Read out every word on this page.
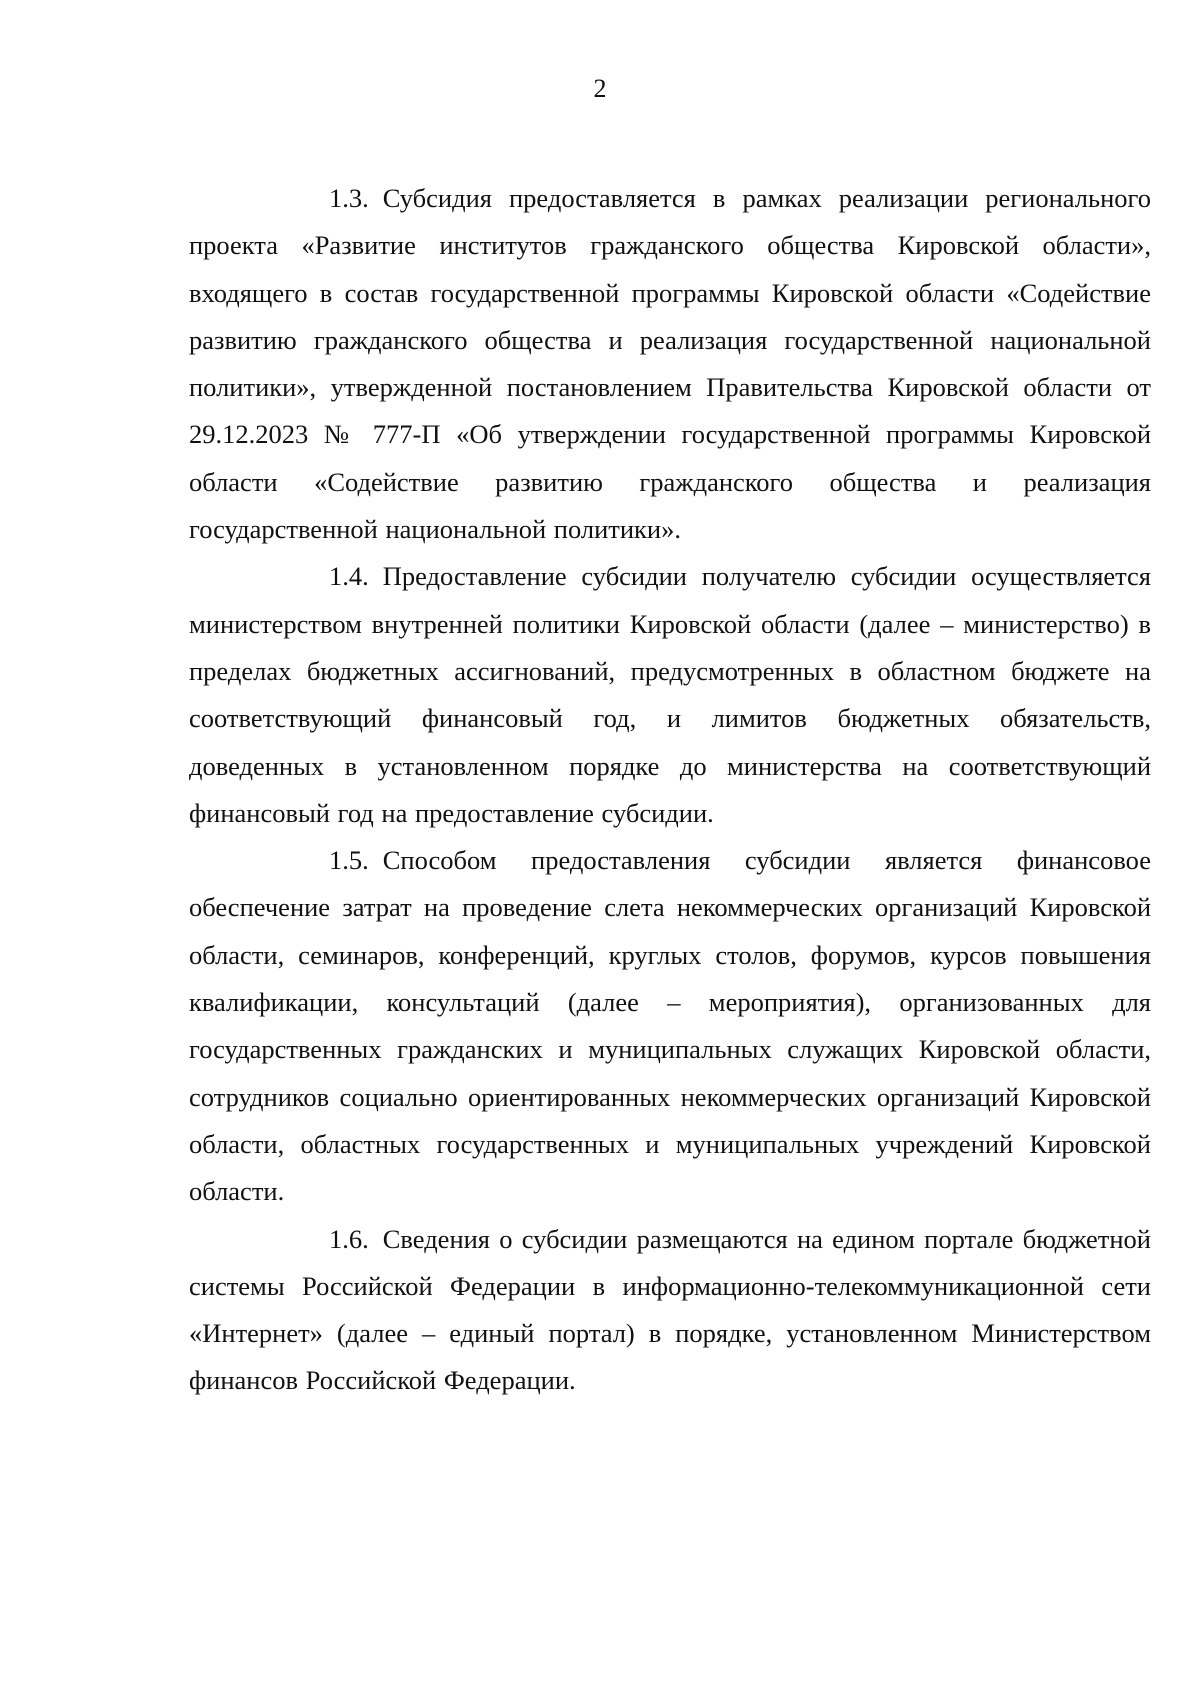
2

1.3. Субсидия предоставляется в рамках реализации регионального проекта «Развитие институтов гражданского общества Кировской области», входящего в состав государственной программы Кировской области «Содействие развитию гражданского общества и реализация государственной национальной политики», утвержденной постановлением Правительства Кировской области от 29.12.2023 № 777-П «Об утверждении государственной программы Кировской области «Содействие развитию гражданского общества и реализация государственной национальной политики».

1.4. Предоставление субсидии получателю субсидии осуществляется министерством внутренней политики Кировской области (далее – министерство) в пределах бюджетных ассигнований, предусмотренных в областном бюджете на соответствующий финансовый год, и лимитов бюджетных обязательств, доведенных в установленном порядке до министерства на соответствующий финансовый год на предоставление субсидии.

1.5. Способом предоставления субсидии является финансовое обеспечение затрат на проведение слета некоммерческих организаций Кировской области, семинаров, конференций, круглых столов, форумов, курсов повышения квалификации, консультаций (далее – мероприятия), организованных для государственных гражданских и муниципальных служащих Кировской области, сотрудников социально ориентированных некоммерческих организаций Кировской области, областных государственных и муниципальных учреждений Кировской области.

1.6. Сведения о субсидии размещаются на едином портале бюджетной системы Российской Федерации в информационно-телекоммуникационной сети «Интернет» (далее – единый портал) в порядке, установленном Министерством финансов Российской Федерации.
